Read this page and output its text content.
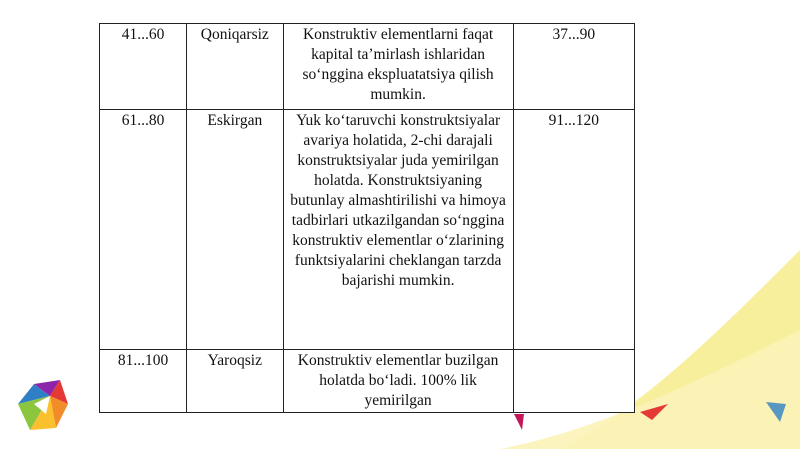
41...60	Qoniqarsiz	Konstruktiv elementlarni faqat kapital ta’mirlash ishlaridan so‘nggina ekspluatatsiya qilish mumkin.	37...90
61...80	Eskirgan	Yuk ko‘taruvchi konstruktsiyalar avariya holatida, 2-chi darajali konstruktsiyalar juda yemirilgan holatda. Konstruktsiyaning butunlay almashtirilishi va himoya tadbirlari utkazilgandan so‘nggina konstruktiv elementlar o‘zlarining funktsiyalarini cheklangan tarzda bajarishi mumkin.	91...120
81...100	Yaroqsiz	Konstruktiv elementlar buzilgan holatda bo‘ladi. 100% lik yemirilgan	
